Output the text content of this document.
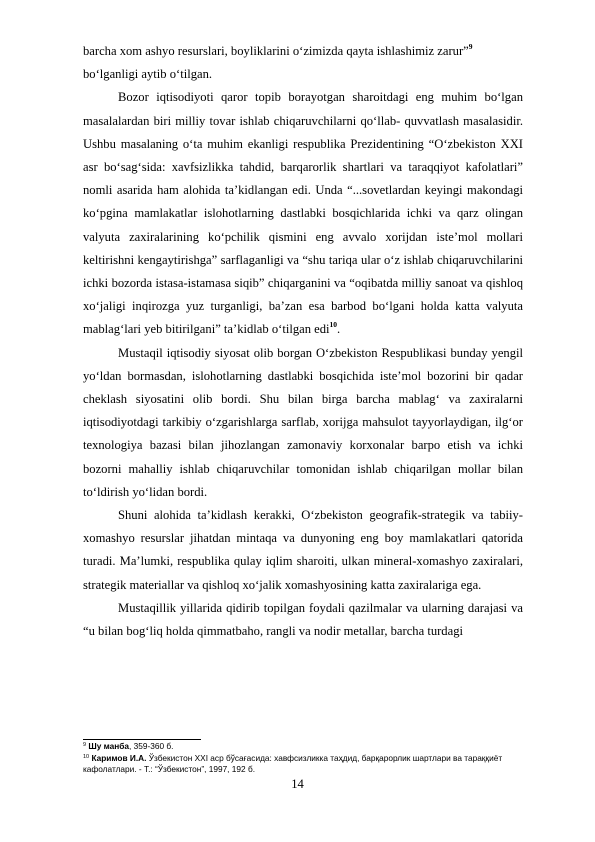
barcha xom ashyo resurslari, boyliklarini o‘zimizda qayta ishlashimiz zarur”$^9$
bo‘lganligi aytib o‘tilgan.

Bozor iqtisodiyoti qaror topib borayotgan sharoitdagi eng muhim bo‘lgan masalalardan biri milliy tovar ishlab chiqaruvchilarni qo‘llab- quvvatlash masalasidir. Ushbu masalaning o‘ta muhim ekanligi respublika Prezidentining “O‘zbekiston XXI asr bo‘sag‘sida: xavfsizlikka tahdid, barqarorlik shartlari va taraqqiyot kafolatlari” nomli asarida ham alohida taʼkidlangan edi. Unda “...sovetlardan keyingi makondagi ko‘pgina mamlakatlar islohotlarning dastlabki bosqichlarida ichki va qarz olingan valyuta zaxiralarining ko‘pchilik qismini eng avvalo xorijdan isteʼmol mollari keltirishni kengaytirishga” sarflaganligi va “shu tariqa ular o‘z ishlab chiqaruvchilarini ichki bozorda istasa-istamasa siqib” chiqarganini va “oqibatda milliy sanoat va qishloq xo‘jaligi inqirozga yuz turganligi, baʼzan esa barbod bo‘lgani holda katta valyuta mablag‘lari yeb bitirilgani” taʼkidlab o‘tilgan edi$^{10}$.

Mustaqil iqtisodiy siyosat olib borgan O‘zbekiston Respublikasi bunday yengil yo‘ldan bormasdan, islohotlarning dastlabki bosqichida isteʼmol bozorini bir qadar cheklash siyosatini olib bordi. Shu bilan birga barcha mablag‘ va zaxiralarni iqtisodiyotdagi tarkibiy o‘zgarishlarga sarflab, xorijga mahsulot tayyorlaydigan, ilg‘or texnologiya bazasi bilan jihozlangan zamonaviy korxonalar barpo etish va ichki bozorni mahalliy ishlab chiqaruvchilar tomonidan ishlab chiqarilgan mollar bilan to‘ldirish yo‘lidan bordi.

Shuni alohida taʼkidlash kerakki, O‘zbekiston geografik-strategik va tabiiy-xomashyo resurslar jihatdan mintaqa va dunyoning eng boy mamlakatlari qatorida turadi. Maʼlumki, respublika qulay iqlim sharoiti, ulkan mineral-xomashyo zaxiralari, strategik materiallar va qishloq xo‘jalik xomashyosining katta zaxiralariga ega.

Mustaqillik yillarida qidirib topilgan foydali qazilmalar va ularning darajasi va “u bilan bog‘liq holda qimmatbaho, rangli va nodir metallar, barcha turdagi

$^9$ Шу манба, 359-360 б.

$^{10}$ Каримов И.А. Ўзбекистон XXI аср бўсағасида: хавфсизликка таҳдид, барқарорлик шартлари ва тараққиёт кафолатлари. - Т.: “Ўзбекистон”, 1997, 192 б.

14
